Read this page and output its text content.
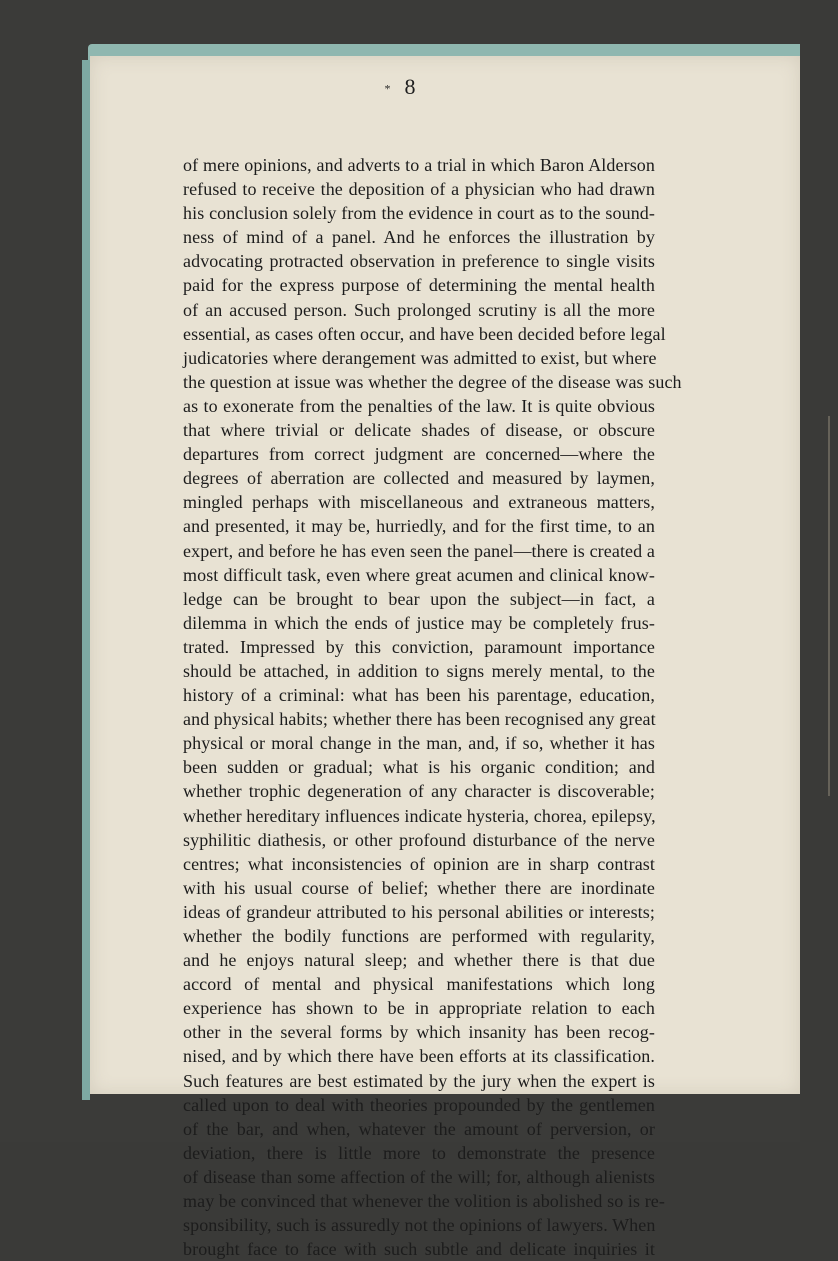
* 8
of mere opinions, and adverts to a trial in which Baron Alderson
refused to receive the deposition of a physician who had drawn
his conclusion solely from the evidence in court as to the sound-
ness of mind of a panel. And he enforces the illustration by
advocating protracted observation in preference to single visits
paid for the express purpose of determining the mental health
of an accused person. Such prolonged scrutiny is all the more
essential, as cases often occur, and have been decided before legal
judicatories where derangement was admitted to exist, but where
the question at issue was whether the degree of the disease was such
as to exonerate from the penalties of the law. It is quite obvious
that where trivial or delicate shades of disease, or obscure
departures from correct judgment are concerned—where the
degrees of aberration are collected and measured by laymen,
mingled perhaps with miscellaneous and extraneous matters,
and presented, it may be, hurriedly, and for the first time, to an
expert, and before he has even seen the panel—there is created a
most difficult task, even where great acumen and clinical know-
ledge can be brought to bear upon the subject—in fact, a
dilemma in which the ends of justice may be completely frus-
trated. Impressed by this conviction, paramount importance
should be attached, in addition to signs merely mental, to the
history of a criminal: what has been his parentage, education,
and physical habits; whether there has been recognised any great
physical or moral change in the man, and, if so, whether it has
been sudden or gradual; what is his organic condition; and
whether trophic degeneration of any character is discoverable;
whether hereditary influences indicate hysteria, chorea, epilepsy,
syphilitic diathesis, or other profound disturbance of the nerve
centres; what inconsistencies of opinion are in sharp contrast
with his usual course of belief; whether there are inordinate
ideas of grandeur attributed to his personal abilities or interests;
whether the bodily functions are performed with regularity,
and he enjoys natural sleep; and whether there is that due
accord of mental and physical manifestations which long
experience has shown to be in appropriate relation to each
other in the several forms by which insanity has been recog-
nised, and by which there have been efforts at its classification.
Such features are best estimated by the jury when the expert is
called upon to deal with theories propounded by the gentlemen
of the bar, and when, whatever the amount of perversion, or
deviation, there is little more to demonstrate the presence
of disease than some affection of the will; for, although alienists
may be convinced that whenever the volition is abolished so is re-
sponsibility, such is assuredly not the opinions of lawyers. When
brought face to face with such subtle and delicate inquiries it
